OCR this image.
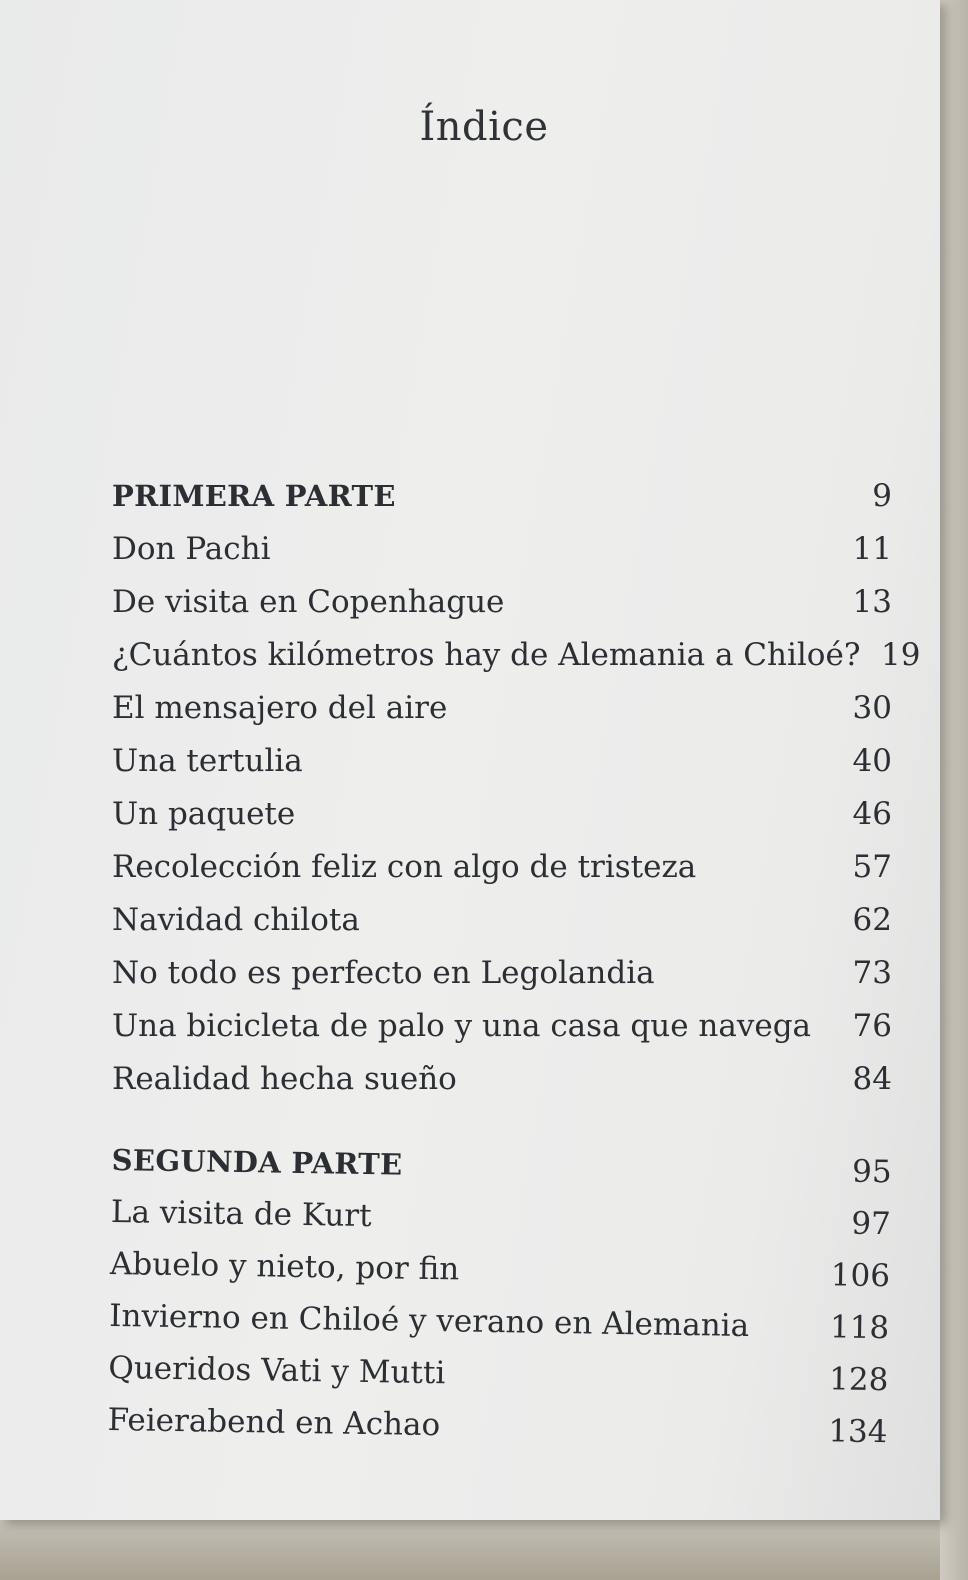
Índice
PRIMERA PARTE	9
Don Pachi	11
De visita en Copenhague	13
¿Cuántos kilómetros hay de Alemania a Chiloé? 19
El mensajero del aire	30
Una tertulia	40
Un paquete	46
Recolección feliz con algo de tristeza	57
Navidad chilota	62
No todo es perfecto en Legolandia	73
Una bicicleta de palo y una casa que navega	76
Realidad hecha sueño	84
SEGUNDA PARTE	95
La visita de Kurt	97
Abuelo y nieto, por fin	106
Invierno en Chiloé y verano en Alemania	118
Queridos Vati y Mutti	128
Feierabend en Achao	134
